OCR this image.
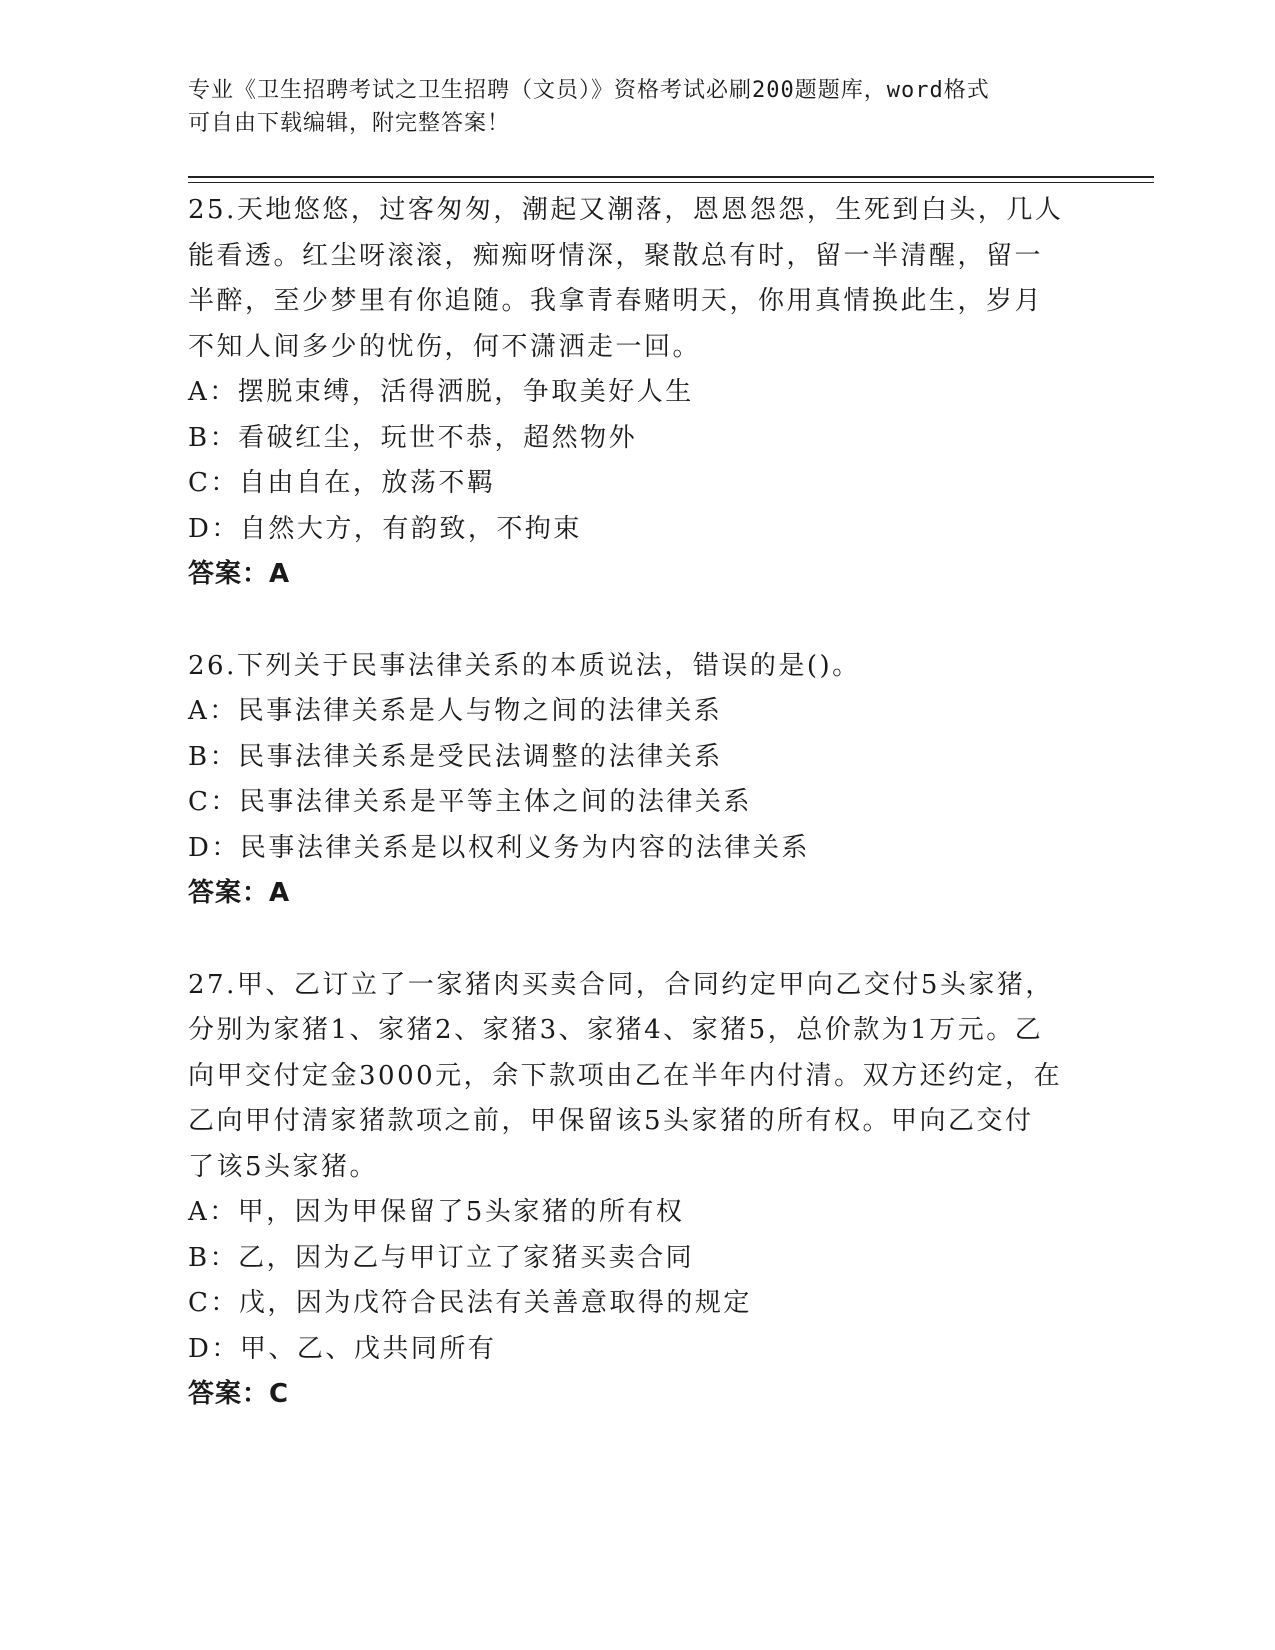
专业《卫生招聘考试之卫生招聘（文员）》资格考试必刷200题题库，word格式
可自由下载编辑，附完整答案！
25.天地悠悠，过客匆匆，潮起又潮落，恩恩怨怨，生死到白头，几人
能看透。红尘呀滚滚，痴痴呀情深，聚散总有时，留一半清醒，留一
半醉，至少梦里有你追随。我拿青春赌明天，你用真情换此生，岁月
不知人间多少的忧伤，何不潇洒走一回。
A：摆脱束缚，活得洒脱，争取美好人生
B：看破红尘，玩世不恭，超然物外
C：自由自在，放荡不羁
D：自然大方，有韵致，不拘束
答案：A
26.下列关于民事法律关系的本质说法，错误的是()。
A：民事法律关系是人与物之间的法律关系
B：民事法律关系是受民法调整的法律关系
C：民事法律关系是平等主体之间的法律关系
D：民事法律关系是以权利义务为内容的法律关系
答案：A
27.甲、乙订立了一家猪肉买卖合同，合同约定甲向乙交付5头家猪，
分别为家猪1、家猪2、家猪3、家猪4、家猪5，总价款为1万元。乙
向甲交付定金3000元，余下款项由乙在半年内付清。双方还约定，在
乙向甲付清家猪款项之前，甲保留该5头家猪的所有权。甲向乙交付
了该5头家猪。
A：甲，因为甲保留了5头家猪的所有权
B：乙，因为乙与甲订立了家猪买卖合同
C：戊，因为戊符合民法有关善意取得的规定
D：甲、乙、戊共同所有
答案：C
